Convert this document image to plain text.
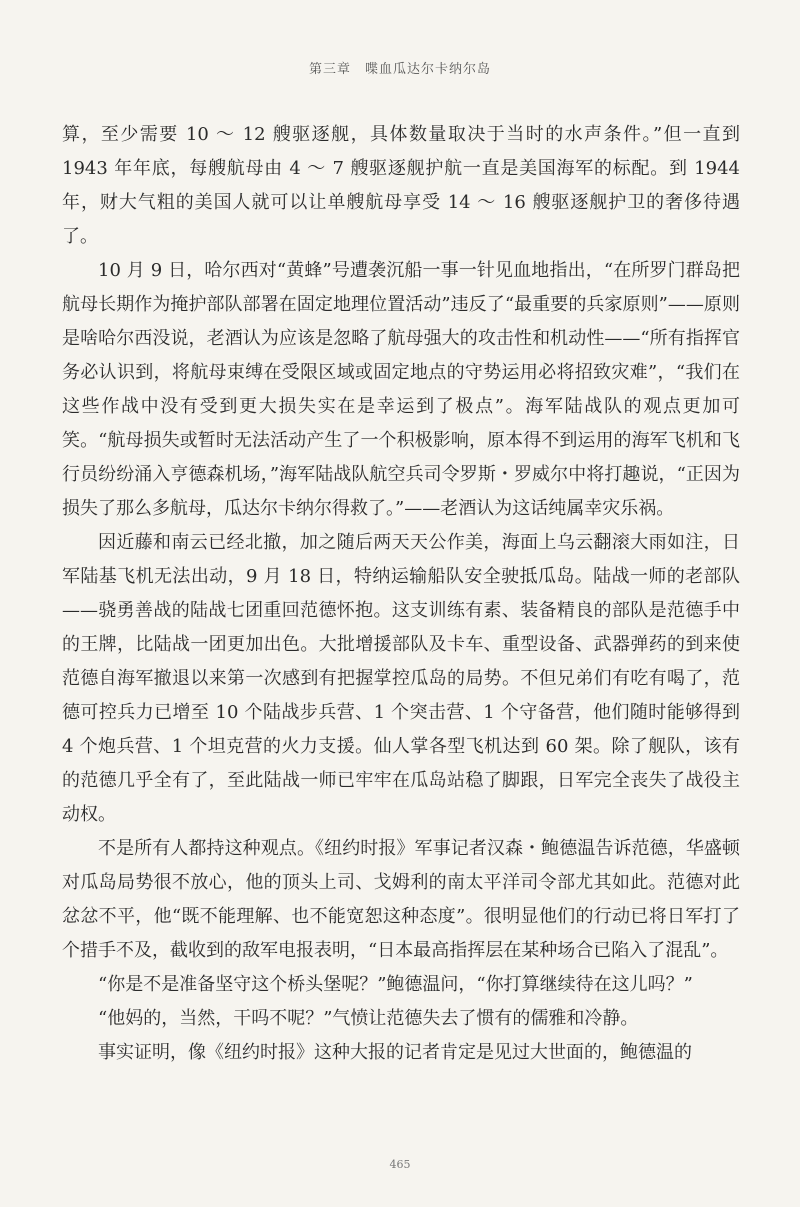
第三章 喋血瓜达尔卡纳尔岛

算，至少需要 10 ～ 12 艘驱逐舰，具体数量取决于当时的水声条件。”但一直到 1943 年年底，每艘航母由 4 ～ 7 艘驱逐舰护航一直是美国海军的标配。到 1944 年，财大气粗的美国人就可以让单艘航母享受 14 ～ 16 艘驱逐舰护卫的奢侈待遇了。

10 月 9 日，哈尔西对“黄蜂”号遭袭沉船一事一针见血地指出，“在所罗门群岛把航母长期作为掩护部队部署在固定地理位置活动”违反了“最重要的兵家原则”——原则是啥哈尔西没说，老酒认为应该是忽略了航母强大的攻击性和机动性——“所有指挥官务必认识到，将航母束缚在受限区域或固定地点的守势运用必将招致灾难”，“我们在这些作战中没有受到更大损失实在是幸运到了极点”。海军陆战队的观点更加可笑。“航母损失或暂时无法活动产生了一个积极影响，原本得不到运用的海军飞机和飞行员纷纷涌入亨德森机场，”海军陆战队航空兵司令罗斯・罗威尔中将打趣说，“正因为损失了那么多航母，瓜达尔卡纳尔得救了。”——老酒认为这话纯属幸灾乐祸。

因近藤和南云已经北撤，加之随后两天天公作美，海面上乌云翻滚大雨如注，日军陆基飞机无法出动，9 月 18 日，特纳运输船队安全驶抵瓜岛。陆战一师的老部队——骁勇善战的陆战七团重回范德怀抱。这支训练有素、装备精良的部队是范德手中的王牌，比陆战一团更加出色。大批增援部队及卡车、重型设备、武器弹药的到来使范德自海军撤退以来第一次感到有把握掌控瓜岛的局势。不但兄弟们有吃有喝了，范德可控兵力已增至 10 个陆战步兵营、1 个突击营、1 个守备营，他们随时能够得到 4 个炮兵营、1 个坦克营的火力支援。仙人掌各型飞机达到 60 架。除了舰队，该有的范德几乎全有了，至此陆战一师已牢牢在瓜岛站稳了脚跟，日军完全丧失了战役主动权。

不是所有人都持这种观点。《纽约时报》军事记者汉森・鲍德温告诉范德，华盛顿对瓜岛局势很不放心，他的顶头上司、戈姆利的南太平洋司令部尤其如此。范德对此忿忿不平，他“既不能理解、也不能宽恕这种态度”。很明显他们的行动已将日军打了个措手不及，截收到的敌军电报表明，“日本最高指挥层在某种场合已陷入了混乱”。

“你是不是准备坚守这个桥头堡呢？”鲍德温问，“你打算继续待在这儿吗？”

“他妈的，当然，干吗不呢？”气愤让范德失去了惯有的儒雅和冷静。

事实证明，像《纽约时报》这种大报的记者肯定是见过大世面的，鲍德温的

465
